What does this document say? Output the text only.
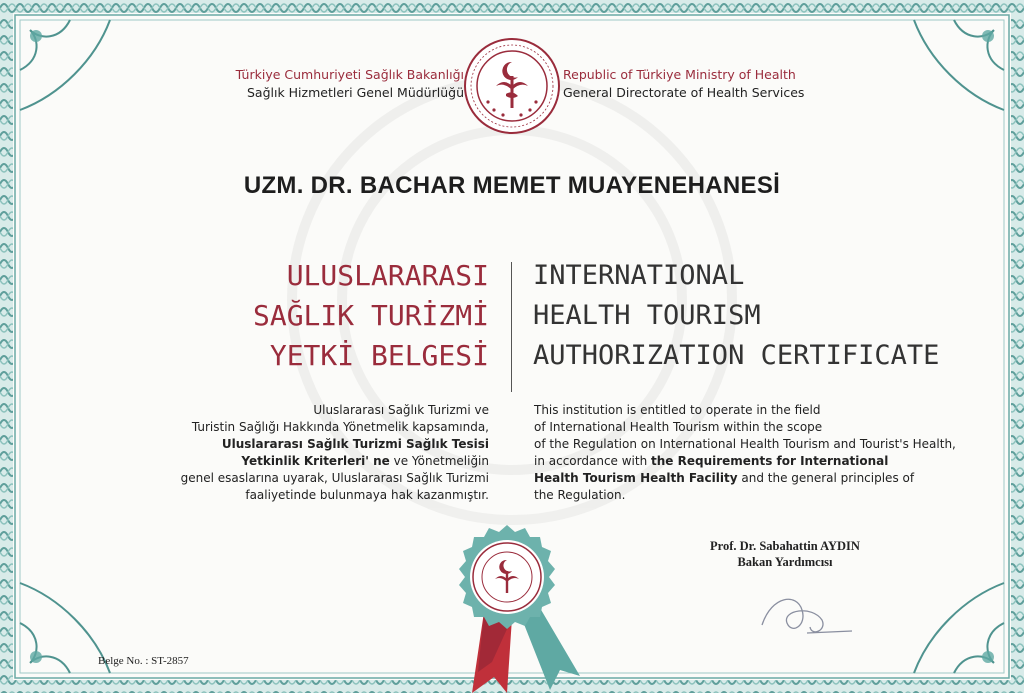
Türkiye Cumhuriyeti Sağlık Bakanlığı
Sağlık Hizmetleri Genel Müdürlüğü
Republic of Türkiye Ministry of Health
General Directorate of Health Services
UZM. DR. BACHAR MEMET MUAYENEHANESİ
ULUSLARARASI
SAĞLIK TURİZMİ
YETKİ BELGESİ
INTERNATIONAL
HEALTH TOURISM
AUTHORIZATION CERTIFICATE
Uluslararası Sağlık Turizmi ve
Turistin Sağlığı Hakkında Yönetmelik kapsamında,
Uluslararası Sağlık Turizmi Sağlık Tesisi
Yetkinlik Kriterleri' ne ve Yönetmeliğin
genel esaslarına uyarak, Uluslararası Sağlık Turizmi
faaliyetinde bulunmaya hak kazanmıştır.
This institution is entitled to operate in the field
of International Health Tourism within the scope
of the Regulation on International Health Tourism and Tourist's Health,
in accordance with the Requirements for International
Health Tourism Health Facility and the general principles of
the Regulation.
Prof. Dr. Sabahattin AYDIN
Bakan Yardımcısı
Belge No. : ST-2857
